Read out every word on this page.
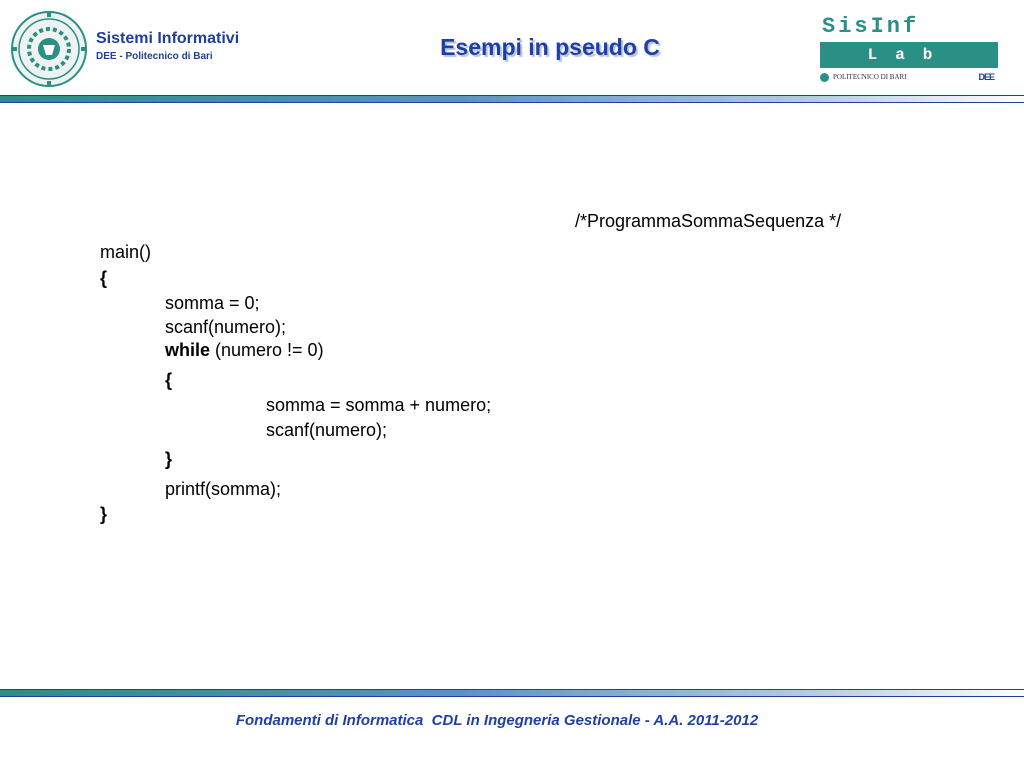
Sistemi Informativi
DEE - Politecnico di Bari	Esempi in pseudo C
SisInf
Lab
POLITECNICO DI BARI	DEE
/*ProgrammaSommaSequenza */
main()
{
somma = 0;
scanf(numero);
while (numero != 0)
{
somma = somma + numero;
scanf(numero);
}
printf(somma);
}
Fondamenti di Informatica  CDL in Ingegneria Gestionale - A.A. 2011-2012
